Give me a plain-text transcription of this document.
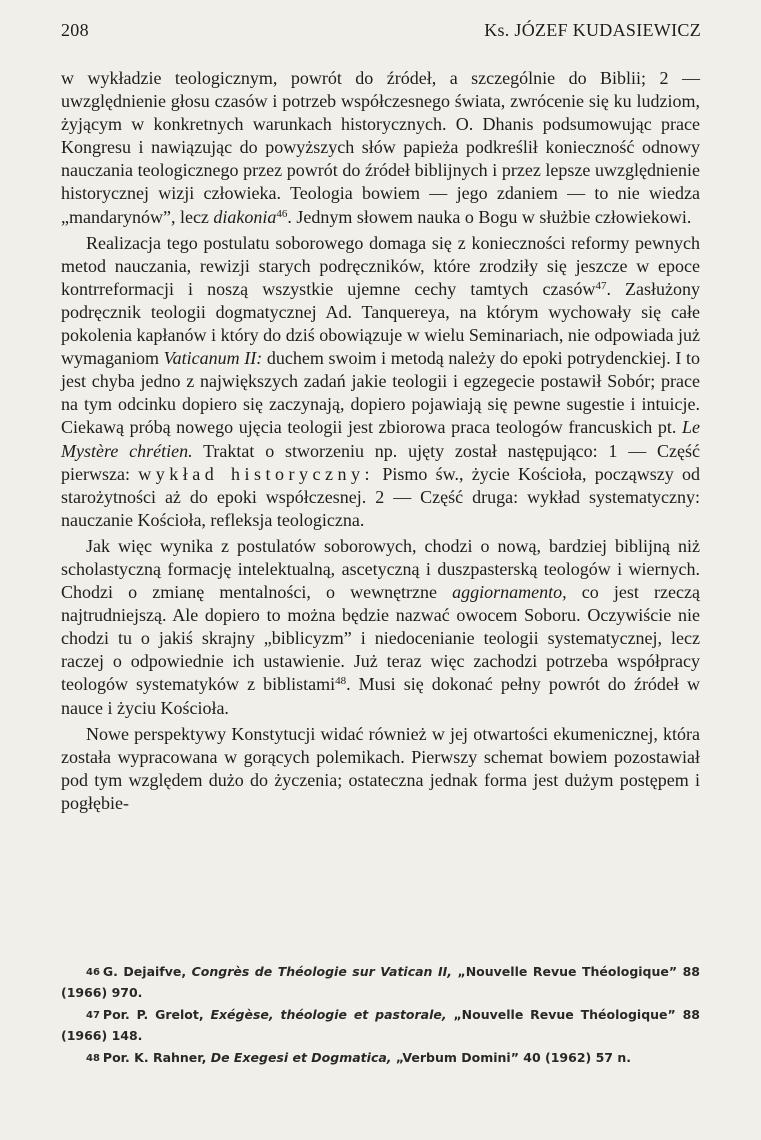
208	Ks. JÓZEF KUDASIEWICZ

w wykładzie teologicznym, powrót do źródeł, a szczególnie do Biblii; 2 — uwzględnienie głosu czasów i potrzeb współczesnego świata, zwrócenie się ku ludziom, żyjącym w konkretnych warunkach historycznych. O. Dhanis podsumowując prace Kongresu i nawiązując do powyższych słów papieża podkreślił konieczność odnowy nauczania teologicznego przez powrót do źródeł biblijnych i przez lepsze uwzględnienie historycznej wizji człowieka. Teologia bowiem — jego zdaniem — to nie wiedza „mandarynów”, lecz diakonia$^{46}$. Jednym słowem nauka o Bogu w służbie człowiekowi.

Realizacja tego postulatu soborowego domaga się z konieczności reformy pewnych metod nauczania, rewizji starych podręczników, które zrodziły się jeszcze w epoce kontrreformacji i noszą wszystkie ujemne cechy tamtych czasów$^{47}$. Zasłużony podręcznik teologii dogmatycznej Ad. Tanquereya, na którym wychowały się całe pokolenia kapłanów i który do dziś obowiązuje w wielu Seminariach, nie odpowiada już wymaganiom Vaticanum II: duchem swoim i metodą należy do epoki potrydenckiej. I to jest chyba jedno z największych zadań jakie teologii i egzegecie postawił Sobór; prace na tym odcinku dopiero się zaczynają, dopiero pojawiają się pewne sugestie i intuicje. Ciekawą próbą nowego ujęcia teologii jest zbiorowa praca teologów francuskich pt. Le Mystère chrétien. Traktat o stworzeniu np. ujęty został następująco: 1 — Część pierwsza: wykład historyczny: Pismo św., życie Kościoła, począwszy od starożytności aż do epoki współczesnej. 2 — Część druga: wykład systematyczny: nauczanie Kościoła, refleksja teologiczna.

Jak więc wynika z postulatów soborowych, chodzi o nową, bardziej biblijną niż scholastyczną formację intelektualną, ascetyczną i duszpasterską teologów i wiernych. Chodzi o zmianę mentalności, o wewnętrzne aggiornamento, co jest rzeczą najtrudniejszą. Ale dopiero to można będzie nazwać owocem Soboru. Oczywiście nie chodzi tu o jakiś skrajny „biblicyzm” i niedocenianie teologii systematycznej, lecz raczej o odpowiednie ich ustawienie. Już teraz więc zachodzi potrzeba współpracy teologów systematyków z biblistami$^{48}$. Musi się dokonać pełny powrót do źródeł w nauce i życiu Kościoła.

Nowe perspektywy Konstytucji widać również w jej otwartości ekumenicznej, która została wypracowana w gorących polemikach. Pierwszy schemat bowiem pozostawiał pod tym względem dużo do życzenia; ostateczna jednak forma jest dużym postępem i pogłębie-

46 G. Dejaifve, Congrès de Théologie sur Vatican II, „Nouvelle Revue Théologique” 88 (1966) 970.

47 Por. P. Grelot, Exégèse, théologie et pastorale, „Nouvelle Revue Théologique” 88 (1966) 148.

48 Por. K. Rahner, De Exegesi et Dogmatica, „Verbum Domini” 40 (1962) 57 n.
